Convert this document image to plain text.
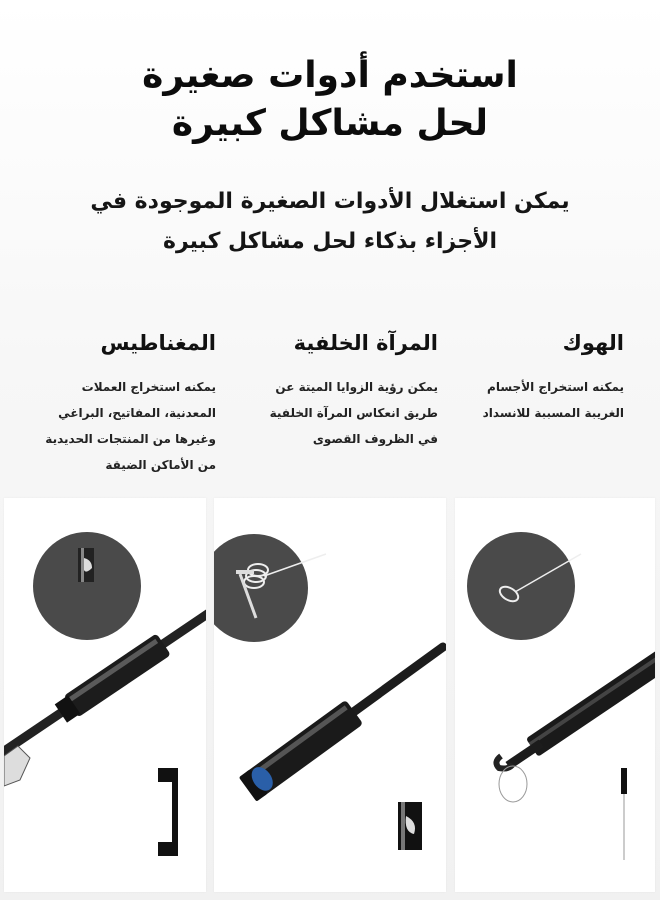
استخدم أدوات صغيرة
لحل مشاكل كبيرة
يمكن استغلال الأدوات الصغيرة الموجودة في
الأجزاء بذكاء لحل مشاكل كبيرة
الهوك
يمكنه استخراج الأجسام
الغريبة المسببة للانسداد
المرآة الخلفية
يمكن رؤية الزوايا الميتة عن
طريق انعكاس المرآة الخلفية
في الظروف القصوى
المغناطيس
يمكنه استخراج العملات
المعدنية، المفاتيح، البراغي
وغيرها من المنتجات الحديدية
من الأماكن الضيقة
